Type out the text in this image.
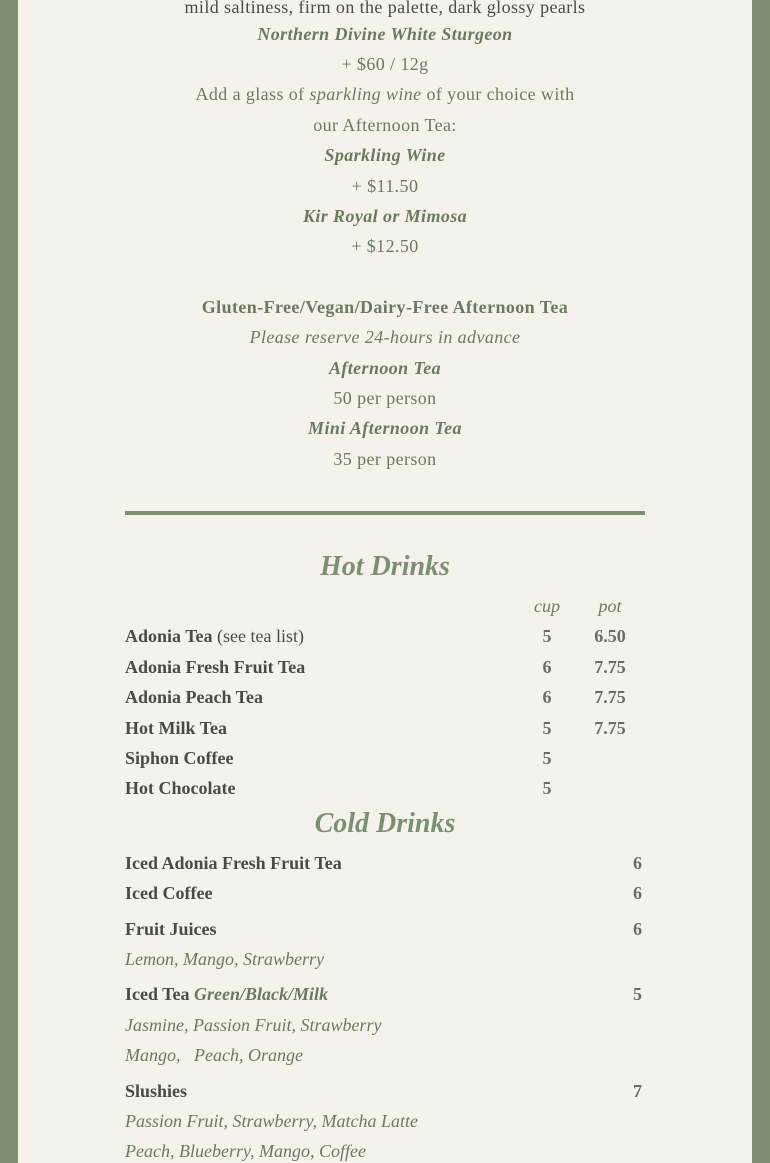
mild saltiness, firm on the palette, dark glossy pearls
Northern Divine White Sturgeon
+ $60 / 12g
Add a glass of sparkling wine of your choice with
our Afternoon Tea:
Sparkling Wine
+ $11.50
Kir Royal or Mimosa
+ $12.50
Gluten-Free/Vegan/Dairy-Free Afternoon Tea
Please reserve 24-hours in advance
Afternoon Tea
50 per person
Mini Afternoon Tea
35 per person
Hot Drinks
cup	pot
Adonia Tea (see tea list)	5	6.50
Adonia Fresh Fruit Tea	6	7.75
Adonia Peach Tea	6	7.75
Hot Milk Tea	5	7.75
Siphon Coffee	5
Hot Chocolate	5
Cold Drinks
Iced Adonia Fresh Fruit Tea	6
Iced Coffee	6
Fruit Juices	6
Lemon, Mango, Strawberry
Iced Tea Green/Black/Milk	5
Jasmine, Passion Fruit, Strawberry
Mango,   Peach, Orange
Slushies	7
Passion Fruit, Strawberry, Matcha Latte
Peach, Blueberry, Mango, Coffee
